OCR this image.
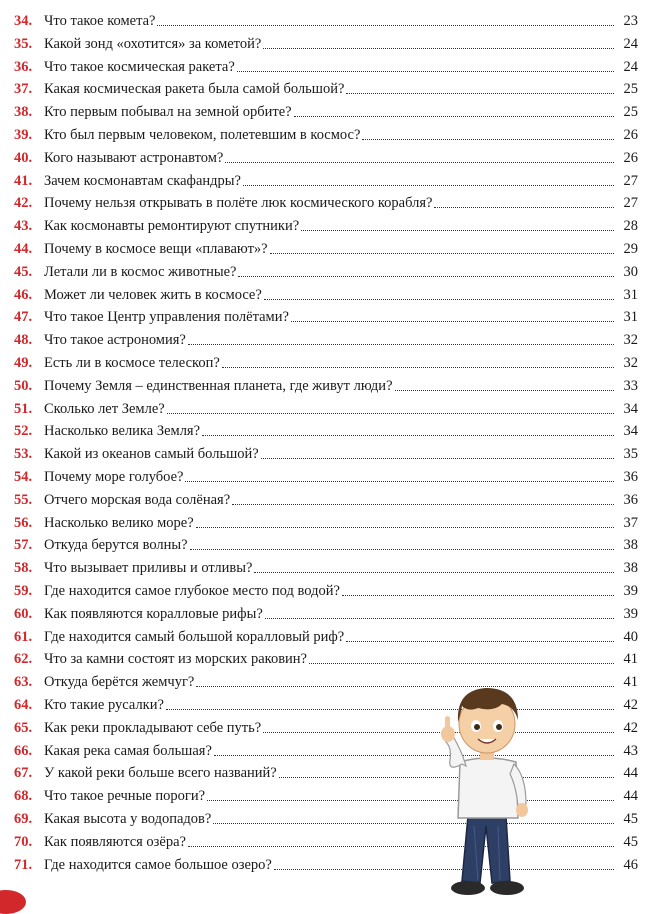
34. Что такое комета?	23
35. Какой зонд «охотится» за кометой?	24
36. Что такое космическая ракета?	24
37. Какая космическая ракета была самой большой?	25
38. Кто первым побывал на земной орбите?	25
39. Кто был первым человеком, полетевшим в космос?	26
40. Кого называют астронавтом?	26
41. Зачем космонавтам скафандры?	27
42. Почему нельзя открывать в полёте люк космического корабля?	27
43. Как космонавты ремонтируют спутники?	28
44. Почему в космосе вещи «плавают»?	29
45. Летали ли в космос животные?	30
46. Может ли человек жить в космосе?	31
47. Что такое Центр управления полётами?	31
48. Что такое астрономия?	32
49. Есть ли в космосе телескоп?	32
50. Почему Земля – единственная планета, где живут люди?	33
51. Сколько лет Земле?	34
52. Насколько велика Земля?	34
53. Какой из океанов самый большой?	35
54. Почему море голубое?	36
55. Отчего морская вода солёная?	36
56. Насколько велико море?	37
57. Откуда берутся волны?	38
58. Что вызывает приливы и отливы?	38
59. Где находится самое глубокое место под водой?	39
60. Как появляются коралловые рифы?	39
61. Где находится самый большой коралловый риф?	40
62. Что за камни состоят из морских раковин?	41
63. Откуда берётся жемчуг?	41
64. Кто такие русалки?	42
65. Как реки прокладывают себе путь?	42
66. Какая река самая большая?	43
67. У какой реки больше всего названий?	44
68. Что такое речные пороги?	44
69. Какая высота у водопадов?	45
70. Как появляются озёра?	45
71. Где находится самое большое озеро?	46
